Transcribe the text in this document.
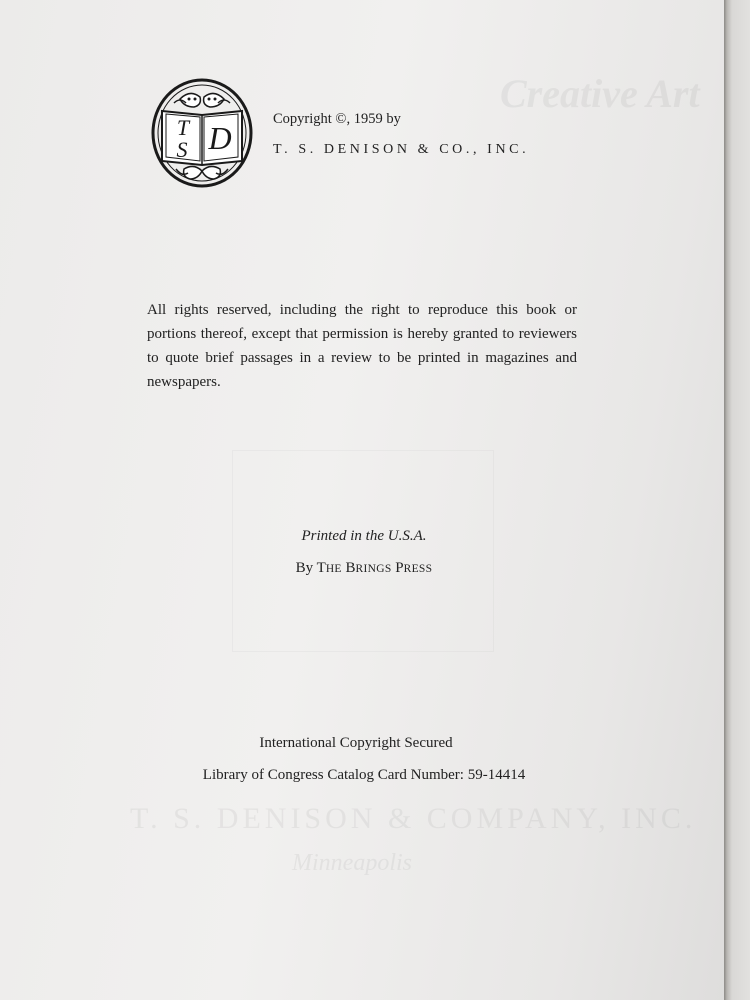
Creative Art
T. S. DENISON & COMPANY, INC.
Minneapolis
T
S D
Copyright ©, 1959 by
T. S. DENISON & CO., INC.
All rights reserved, including the right to reproduce this book or portions thereof, except that permission is hereby granted to reviewers to quote brief passages in a review to be printed in magazines and newspapers.
Printed in the U.S.A.
By THE BRINGS PRESS
International Copyright Secured
Library of Congress Catalog Card Number: 59-14414
